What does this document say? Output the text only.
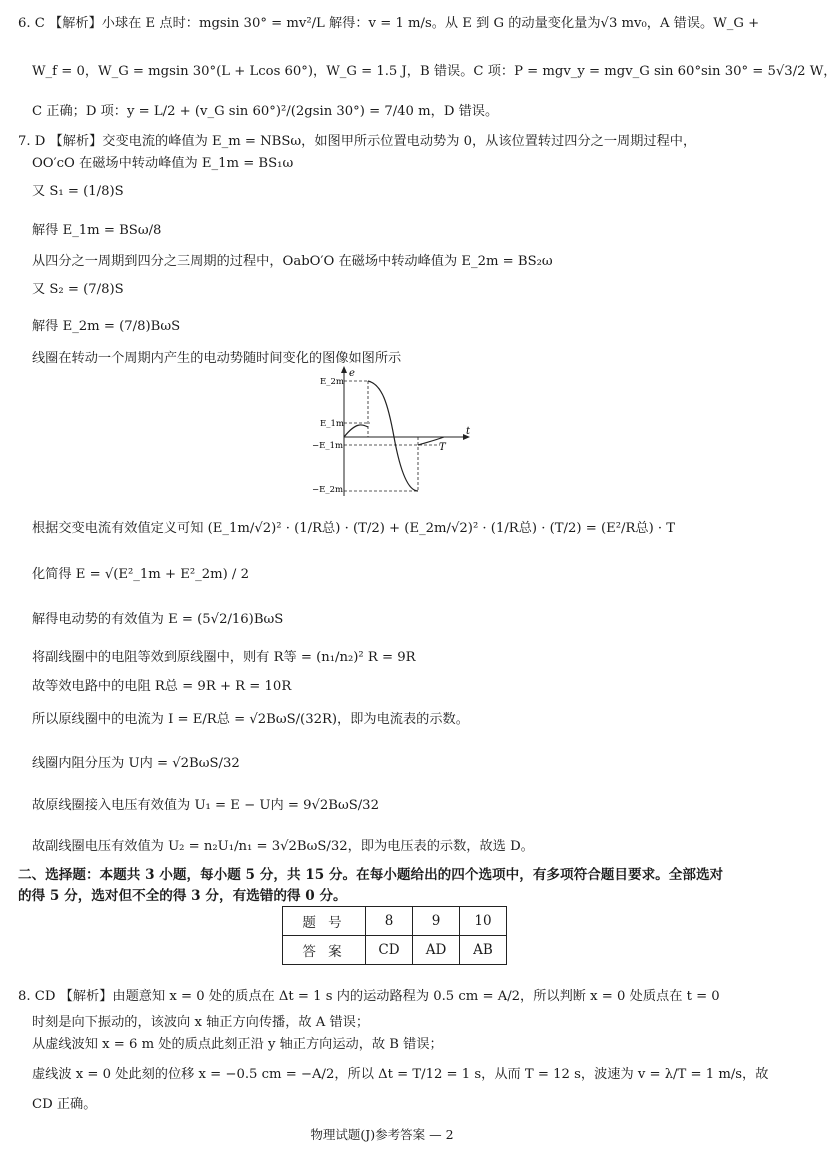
6. C 【解析】小球在 E 点时：mgsin 30° = mv²/L 解得：v = 1 m/s。从 E 到 G 的动量变化量为√3 mv₀，A 错误。W_G +
W_f = 0，W_G = mgsin 30°(L + Lcos 60°)，W_G = 1.5 J，B 错误。C 项：P = mgv_y = mgv_G sin 60°sin 30° = 5√3/2 W，
C 正确；D 项：y = L/2 + (v_G sin 60°)²/(2gsin 30°) = 7/40 m，D 错误。
7. D 【解析】交变电流的峰值为 E_m = NBSω，如图甲所示位置电动势为 0，从该位置转过四分之一周期过程中，
OO′cO 在磁场中转动峰值为 E_1m = BS₁ω
又 S₁ = (1/8)S
解得 E_1m = BSω/8
从四分之一周期到四分之三周期的过程中，OabO′O 在磁场中转动峰值为 E_2m = BS₂ω
又 S₂ = (7/8)S
解得 E_2m = (7/8)BωS
线圈在转动一个周期内产生的电动势随时间变化的图像如图所示
e
t
T
E_2m
E_1m
−E_1m
−E_2m
根据交变电流有效值定义可知 (E_1m/√2)² · (1/R总) · (T/2) + (E_2m/√2)² · (1/R总) · (T/2) = (E²/R总) · T
化简得 E = √(E²_1m + E²_2m) / 2
解得电动势的有效值为 E = (5√2/16)BωS
将副线圈中的电阻等效到原线圈中，则有 R等 = (n₁/n₂)² R = 9R
故等效电路中的电阻 R总 = 9R + R = 10R
所以原线圈中的电流为 I = E/R总 = √2BωS/(32R)，即为电流表的示数。
线圈内阻分压为 U内 = √2BωS/32
故原线圈接入电压有效值为 U₁ = E − U内 = 9√2BωS/32
故副线圈电压有效值为 U₂ = n₂U₁/n₁ = 3√2BωS/32，即为电压表的示数，故选 D。
二、选择题：本题共 3 小题，每小题 5 分，共 15 分。在每小题给出的四个选项中，有多项符合题目要求。全部选对
的得 5 分，选对但不全的得 3 分，有选错的得 0 分。
题 号	8	9	10
答 案	CD	AD	AB
8. CD 【解析】由题意知 x = 0 处的质点在 Δt = 1 s 内的运动路程为 0.5 cm = A/2，所以判断 x = 0 处质点在 t = 0
时刻是向下振动的，该波向 x 轴正方向传播，故 A 错误；
从虚线波知 x = 6 m 处的质点此刻正沿 y 轴正方向运动，故 B 错误；
虚线波 x = 0 处此刻的位移 x = −0.5 cm = −A/2，所以 Δt = T/12 = 1 s，从而 T = 12 s，波速为 v = λ/T = 1 m/s，故
CD 正确。
物理试题(J)参考答案 — 2
